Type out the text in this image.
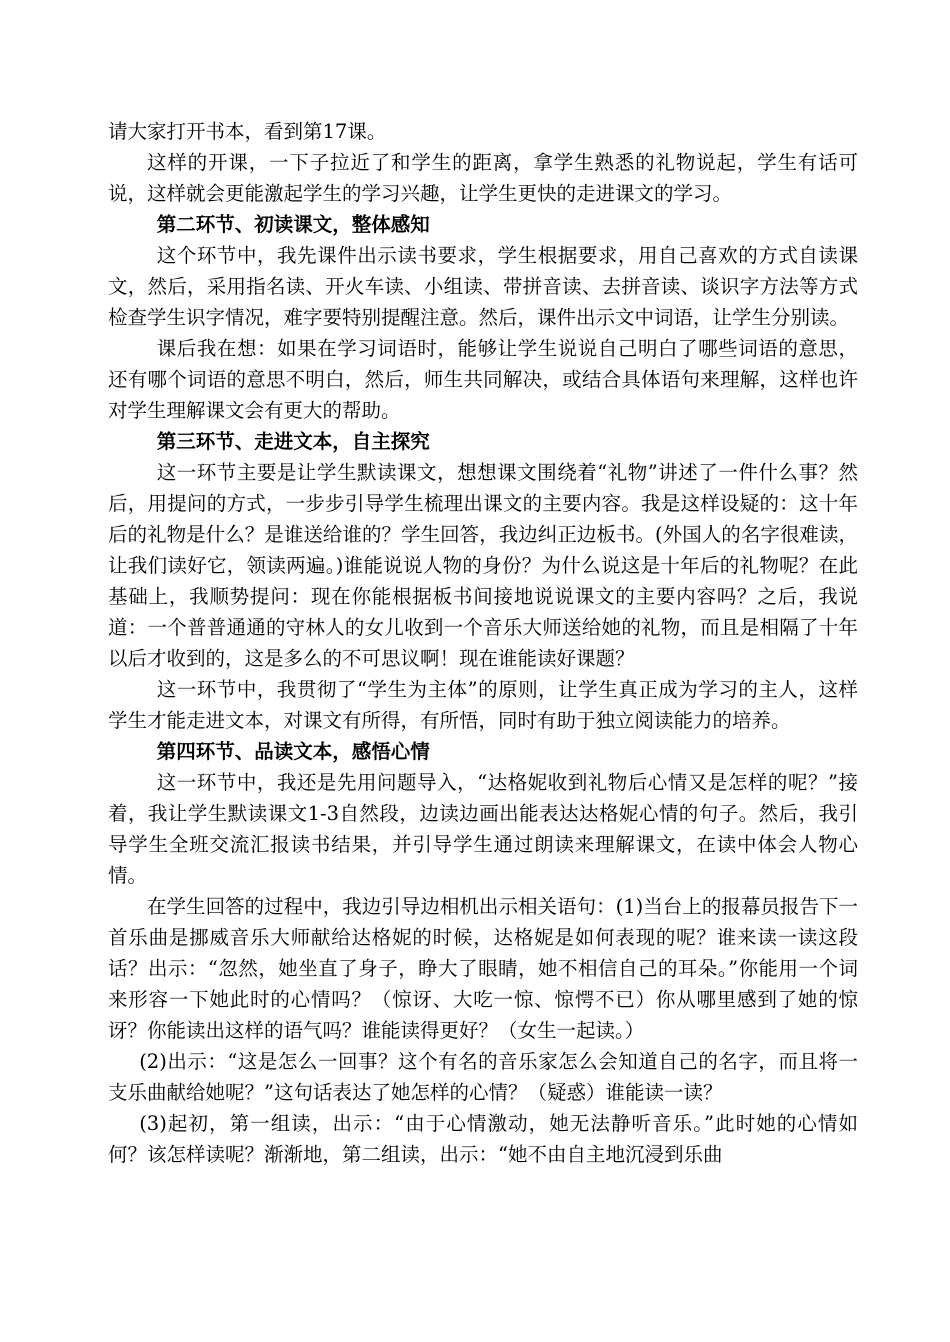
请大家打开书本，看到第17课。

这样的开课，一下子拉近了和学生的距离，拿学生熟悉的礼物说起，学生有话可说，这样就会更能激起学生的学习兴趣，让学生更快的走进课文的学习。

第二环节、初读课文，整体感知

这个环节中，我先课件出示读书要求，学生根据要求，用自己喜欢的方式自读课文，然后，采用指名读、开火车读、小组读、带拼音读、去拼音读、谈识字方法等方式检查学生识字情况，难字要特别提醒注意。然后，课件出示文中词语，让学生分别读。

课后我在想：如果在学习词语时，能够让学生说说自己明白了哪些词语的意思，还有哪个词语的意思不明白，然后，师生共同解决，或结合具体语句来理解，这样也许对学生理解课文会有更大的帮助。

第三环节、走进文本，自主探究

这一环节主要是让学生默读课文，想想课文围绕着“礼物”讲述了一件什么事？然后，用提问的方式，一步步引导学生梳理出课文的主要内容。我是这样设疑的：这十年后的礼物是什么？是谁送给谁的？学生回答，我边纠正边板书。(外国人的名字很难读，让我们读好它，领读两遍。)谁能说说人物的身份？为什么说这是十年后的礼物呢？在此基础上，我顺势提问：现在你能根据板书间接地说说课文的主要内容吗？之后，我说道：一个普普通通的守林人的女儿收到一个音乐大师送给她的礼物，而且是相隔了十年以后才收到的，这是多么的不可思议啊！现在谁能读好课题？

这一环节中，我贯彻了“学生为主体”的原则，让学生真正成为学习的主人，这样学生才能走进文本，对课文有所得，有所悟，同时有助于独立阅读能力的培养。

第四环节、品读文本，感悟心情

这一环节中，我还是先用问题导入，“达格妮收到礼物后心情又是怎样的呢？”接着，我让学生默读课文1-3自然段，边读边画出能表达达格妮心情的句子。然后，我引导学生全班交流汇报读书结果，并引导学生通过朗读来理解课文，在读中体会人物心情。

在学生回答的过程中，我边引导边相机出示相关语句：(1)当台上的报幕员报告下一首乐曲是挪威音乐大师献给达格妮的时候，达格妮是如何表现的呢？谁来读一读这段话？出示：“忽然，她坐直了身子，睁大了眼睛，她不相信自己的耳朵。”你能用一个词来形容一下她此时的心情吗？（惊讶、大吃一惊、惊愕不已）你从哪里感到了她的惊讶？你能读出这样的语气吗？谁能读得更好？（女生一起读。）

(2)出示：“这是怎么一回事？这个有名的音乐家怎么会知道自己的名字，而且将一支乐曲献给她呢？”这句话表达了她怎样的心情？（疑惑）谁能读一读？

(3)起初，第一组读，出示：“由于心情激动，她无法静听音乐。”此时她的心情如何？该怎样读呢？渐渐地，第二组读，出示：“她不由自主地沉浸到乐曲
